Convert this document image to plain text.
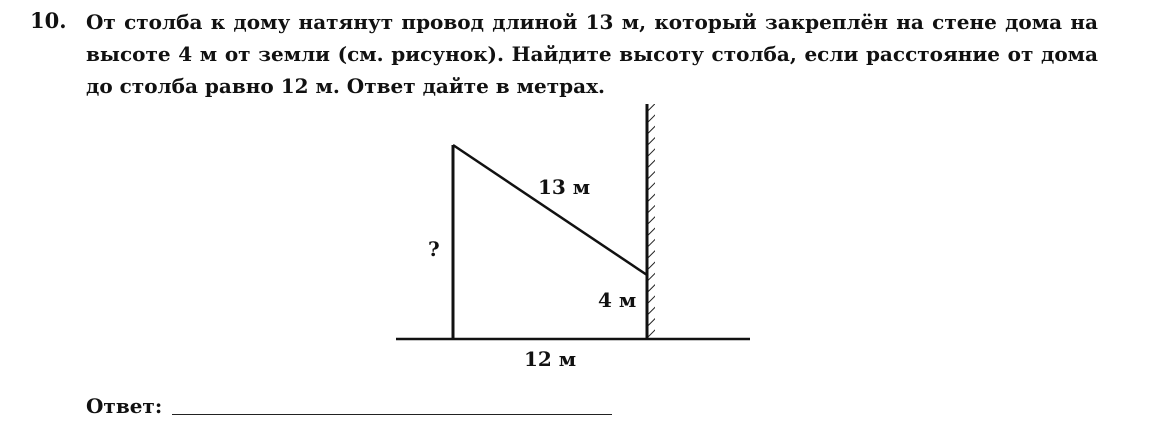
10. От столба к дому натянут провод длиной 13 м, который закреплён на стене дома на высоте 4 м от земли (см. рисунок). Найдите высоту столба, если расстояние от дома до столба равно 12 м. Ответ дайте в метрах.
13 м
?
4 м
12 м
Ответ:
